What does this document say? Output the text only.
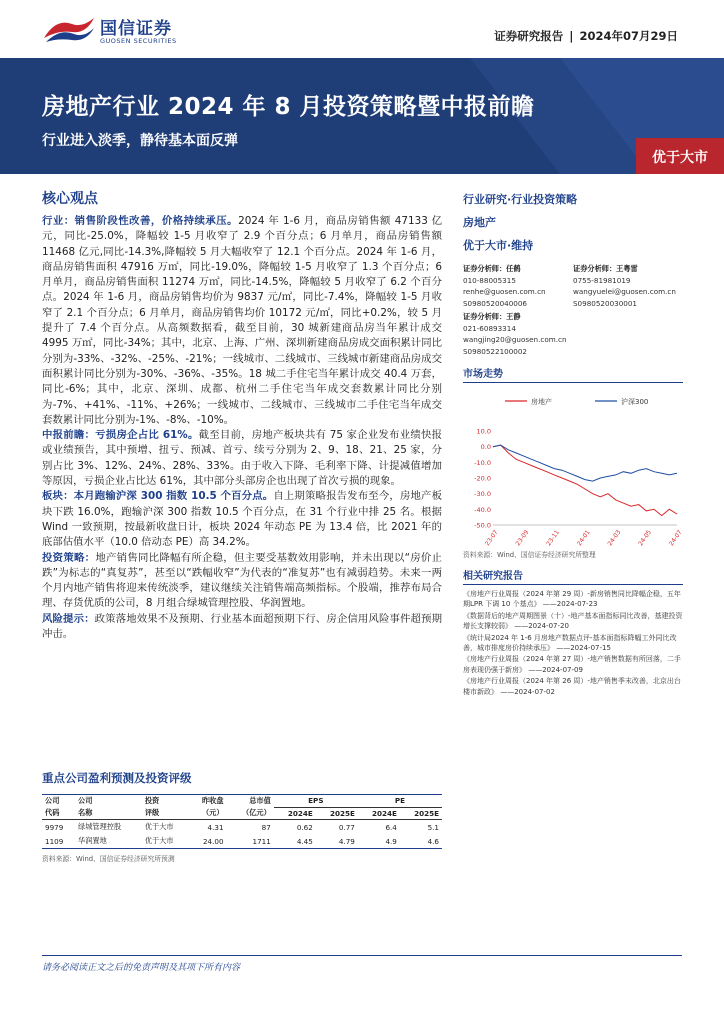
国信证券
GUOSEN SECURITIES	证券研究报告 | 2024年07月29日
房地产行业 2024 年 8 月投资策略暨中报前瞻
行业进入淡季，静待基本面反弹
优于大市
核心观点

行业：销售阶段性改善，价格持续承压。2024 年 1-6 月，商品房销售额 47133 亿元，同比-25.0%，降幅较 1-5 月收窄了 2.9 个百分点；6 月单月，商品房销售额 11468 亿元,同比-14.3%,降幅较 5 月大幅收窄了 12.1 个百分点。2024 年 1-6 月，商品房销售面积 47916 万㎡，同比-19.0%，降幅较 1-5 月收窄了 1.3 个百分点；6 月单月，商品房销售面积 11274 万㎡，同比-14.5%，降幅较 5 月收窄了 6.2 个百分点。2024 年 1-6 月，商品房销售均价为 9837 元/㎡，同比-7.4%，降幅较 1-5 月收窄了 2.1 个百分点；6 月单月，商品房销售均价 10172 元/㎡，同比+0.2%，较 5 月提升了 7.4 个百分点。从高频数据看，截至目前，30 城新建商品房当年累计成交 4995 万㎡，同比-34%；其中，北京、上海、广州、深圳新建商品房成交面积累计同比分别为-33%、-32%、-25%、-21%；一线城市、二线城市、三线城市新建商品房成交面积累计同比分别为-30%、-36%、-35%。18 城二手住宅当年累计成交 40.4 万套，同比-6%；其中，北京、深圳、成都、杭州二手住宅当年成交套数累计同比分别为-7%、+41%、-11%、+26%；一线城市、二线城市、三线城市二手住宅当年成交套数累计同比分别为-1%、-8%、-10%。

中报前瞻：亏损房企占比 61%。截至目前，房地产板块共有 75 家企业发布业绩快报或业绩预告，其中预增、扭亏、预减、首亏、续亏分别为 2、9、18、21、25 家，分别占比 3%、12%、24%、28%、33%。由于收入下降、毛利率下降、计提减值增加等原因，亏损企业占比达 61%，其中部分头部房企也出现了首次亏损的现象。

板块：本月跑输沪深 300 指数 10.5 个百分点。自上期策略报告发布至今，房地产板块下跌 16.0%，跑输沪深 300 指数 10.5 个百分点，在 31 个行业中排 25 名。根据 Wind 一致预期，按最新收盘日计，板块 2024 年动态 PE 为 13.4 倍，比 2021 年的底部估值水平（10.0 倍动态 PE）高 34.2%。

投资策略：地产销售同比降幅有所企稳，但主要受基数效用影响，并未出现以“房价止跌”为标志的“真复苏”，甚至以“跌幅收窄”为代表的“准复苏”也有减弱趋势。未来一两个月内地产销售将迎来传统淡季，建议继续关注销售端高频指标。个股端，推荐布局合理、存货优质的公司，8 月组合绿城管理控股、华润置地。

风险提示：政策落地效果不及预期、行业基本面超预期下行、房企信用风险事件超预期冲击。

行业研究·行业投资策略
房地产
优于大市·维持
证券分析师：任鹤
010-88005315
renhe@guosen.com.cn
S0980520040006
证券分析师：王粤雷
0755-81981019
wangyuelei@guosen.com.cn
S0980520030001
证券分析师：王静
021-60893314
wangjing20@guosen.com.cn
S0980522100002
市场走势
房地产	沪深300
10.0
0.0
-10.0
-20.0
-30.0
-40.0
-50.0
23-07 23-09 23-11 24-01 24-03 24-05 24-07
资料来源：Wind、国信证券经济研究所整理
相关研究报告
《房地产行业周报（2024 年第 29 周）-新房销售同比降幅企稳，五年期LPR 下调 10 个基点》 ——2024-07-23
《数据背后的地产周期图景（十）-地产基本面指标同比改善，基建投资增长支撑较弱》 ——2024-07-20
《统计局2024 年 1-6 月房地产数据点评-基本面指标降幅工外同比改善，城市排度房价持续承压》 ——2024-07-15
《房地产行业周报（2024 年第 27 周）-地产销售数据有所回落，二手房表现仍强于新房》 ——2024-07-09
《房地产行业周报（2024 年第 26 周）-地产销售季末改善，北京出台楼市新政》 ——2024-07-02
重点公司盈利预测及投资评级
公司	公司	投资	昨收盘	总市值	EPS		PE	
代码	名称	评级	（元）	（亿元）	2024E	2025E	2024E	2025E
9979	绿城管理控股	优于大市	4.31	87	0.62	0.77	6.4	5.1
1109	华润置地	优于大市	24.00	1711	4.45	4.79	4.9	4.6
资料来源：Wind、国信证券经济研究所预测
请务必阅读正文之后的免责声明及其项下所有内容
